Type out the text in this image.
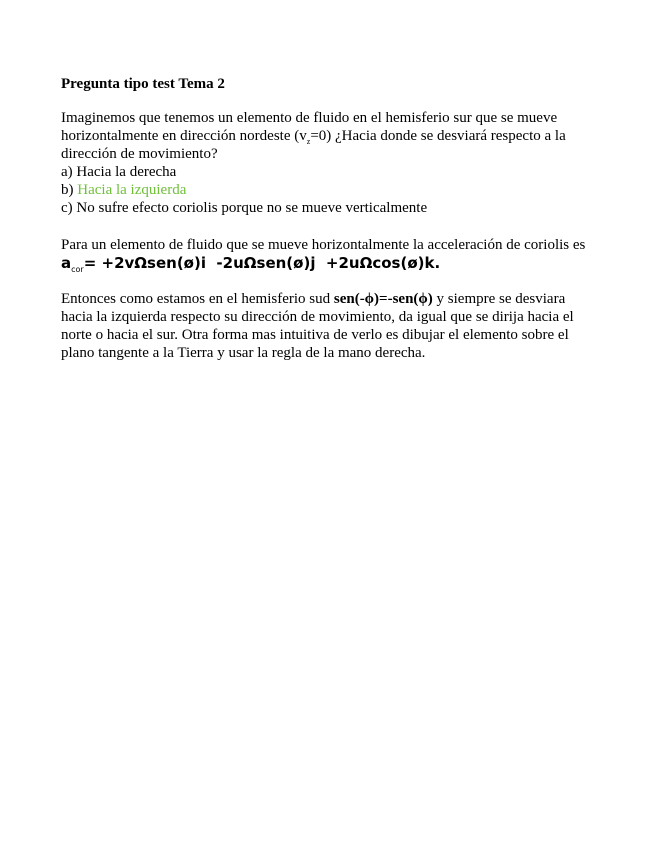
Pregunta tipo test Tema 2
Imaginemos que tenemos un elemento de fluido en el hemisferio sur que se mueve
horizontalmente en dirección nordeste $(v_z=0)$ ¿Hacia donde se desviará respecto a la
dirección de movimiento?
a) Hacia la derecha
b) Hacia la izquierda
c) No sufre efecto coriolis porque no se mueve verticalmente
Para un elemento de fluido que se mueve horizontalmente la acceleración de coriolis es
$a_{cor}=$ +2vΩsen(ø)i  -2uΩsen(ø)j  +2uΩcos(ø)k.
Entonces como estamos en el hemisferio sud sen(-ϕ)=-sen(ϕ) y siempre se desviara
hacia la izquierda respecto su dirección de movimiento, da igual que se dirija hacia el
norte o hacia el sur. Otra forma mas intuitiva de verlo es dibujar el elemento sobre el
plano tangente a la Tierra y usar la regla de la mano derecha.
